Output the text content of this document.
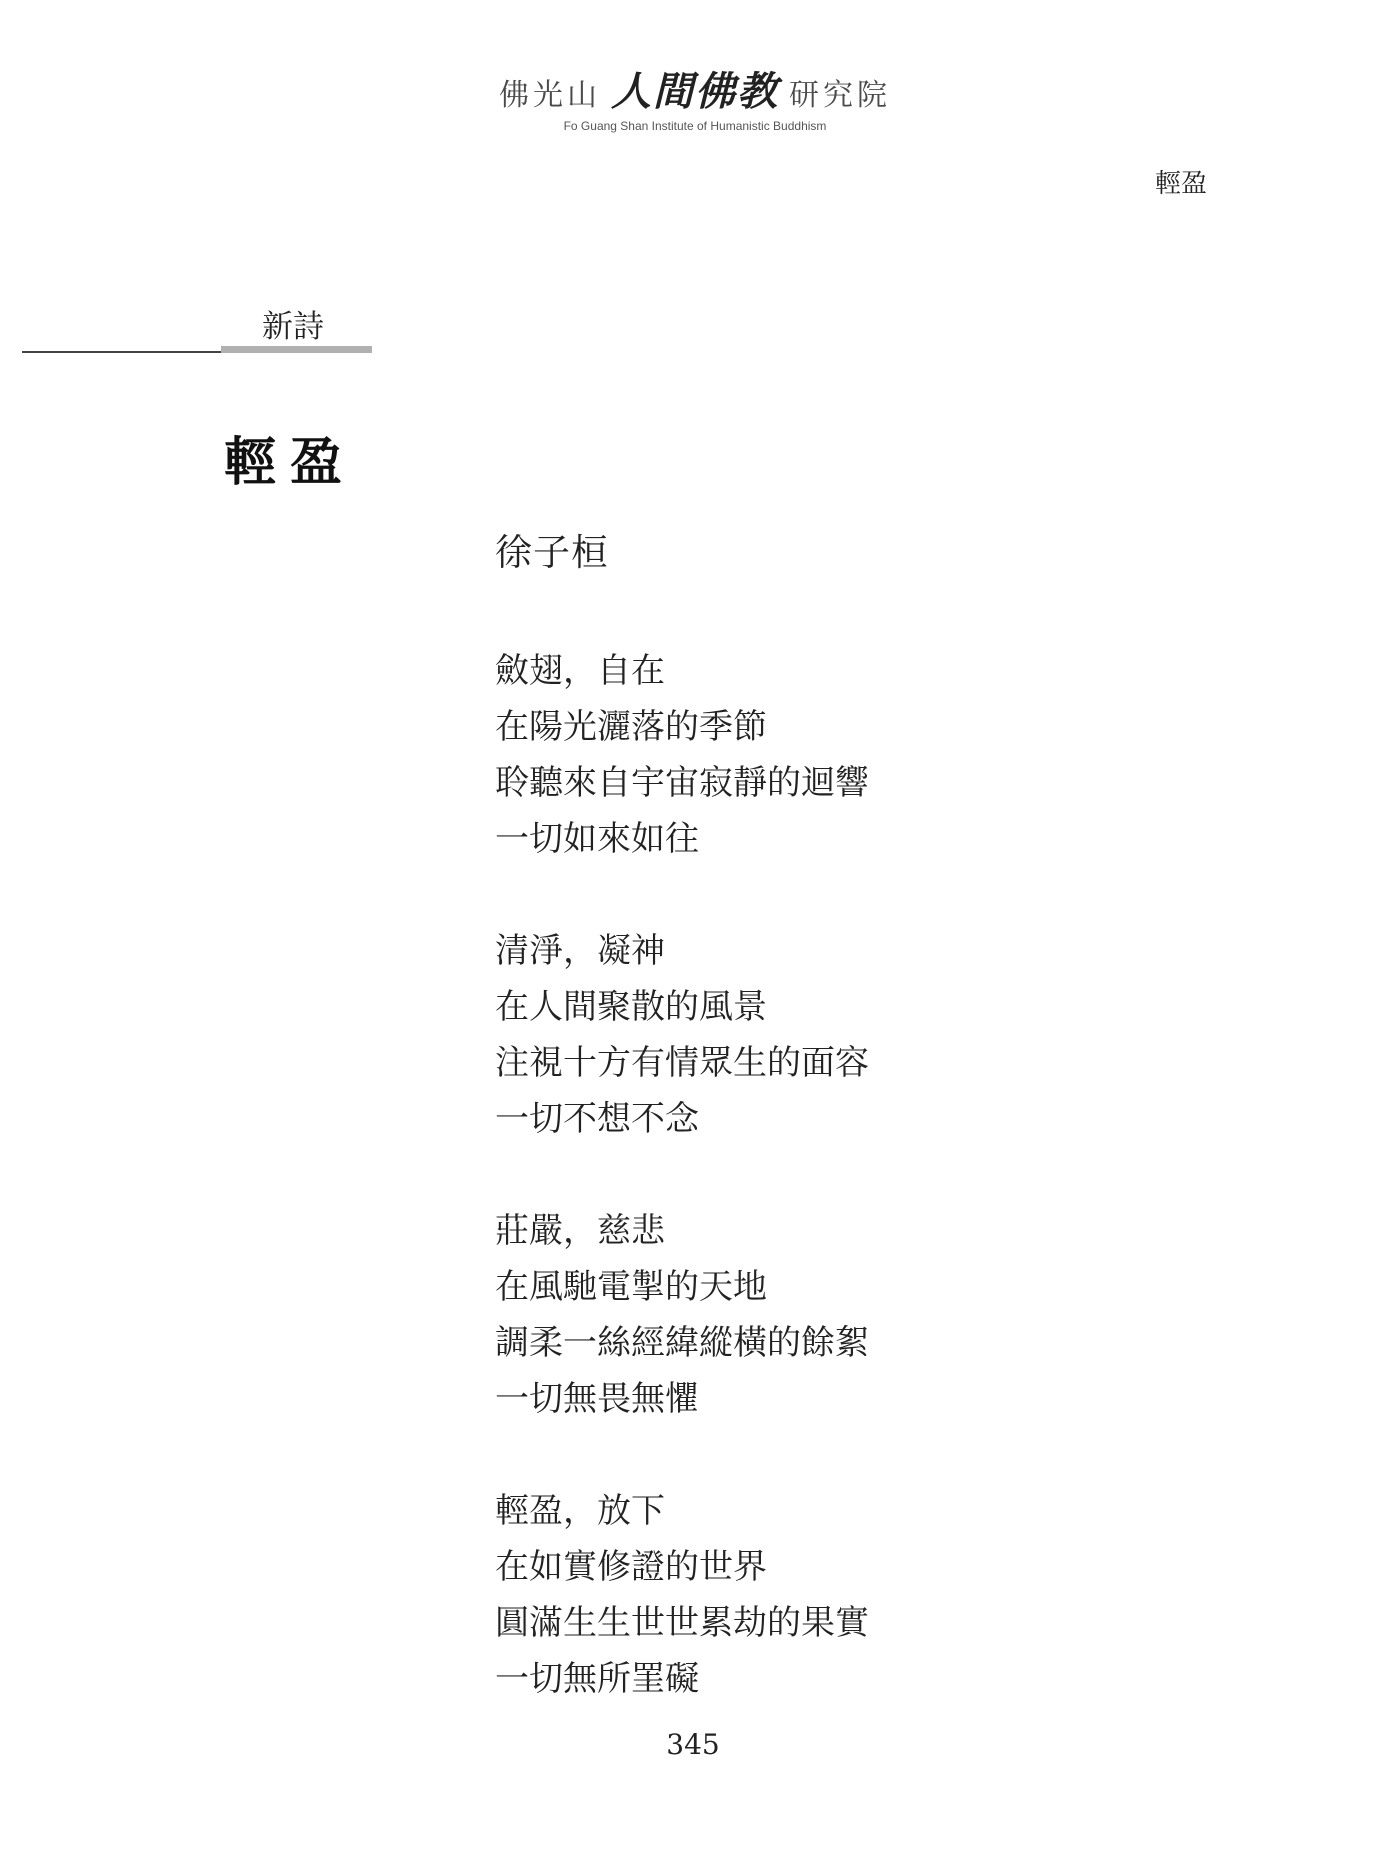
佛光山 人間佛教 研究院
Fo Guang Shan Institute of Humanistic Buddhism
輕盈
新詩
輕盈
徐子桓
斂翅，自在
在陽光灑落的季節
聆聽來自宇宙寂靜的迴響
一切如來如往
清淨，凝神
在人間聚散的風景
注視十方有情眾生的面容
一切不想不念
莊嚴，慈悲
在風馳電掣的天地
調柔一絲經緯縱橫的餘絮
一切無畏無懼
輕盈，放下
在如實修證的世界
圓滿生生世世累劫的果實
一切無所罣礙
345
